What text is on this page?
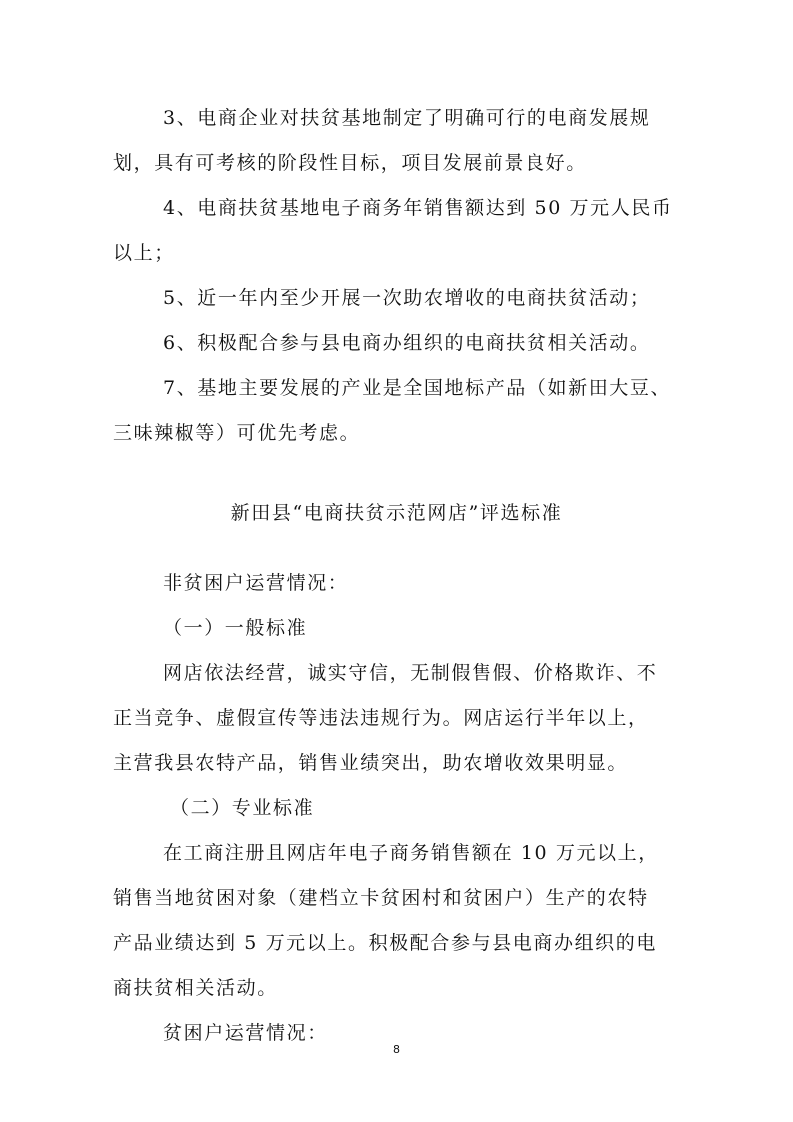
3、电商企业对扶贫基地制定了明确可行的电商发展规
划，具有可考核的阶段性目标，项目发展前景良好。
4、电商扶贫基地电子商务年销售额达到 50 万元人民币
以上；
5、近一年内至少开展一次助农增收的电商扶贫活动；
6、积极配合参与县电商办组织的电商扶贫相关活动。
7、基地主要发展的产业是全国地标产品（如新田大豆、
三味辣椒等）可优先考虑。
新田县“电商扶贫示范网店”评选标准
非贫困户运营情况：
（一）一般标准
网店依法经营，诚实守信，无制假售假、价格欺诈、不
正当竞争、虚假宣传等违法违规行为。网店运行半年以上，
主营我县农特产品，销售业绩突出，助农增收效果明显。
（二）专业标准
在工商注册且网店年电子商务销售额在 10 万元以上，
销售当地贫困对象（建档立卡贫困村和贫困户）生产的农特
产品业绩达到 5 万元以上。积极配合参与县电商办组织的电
商扶贫相关活动。
贫困户运营情况：
8
